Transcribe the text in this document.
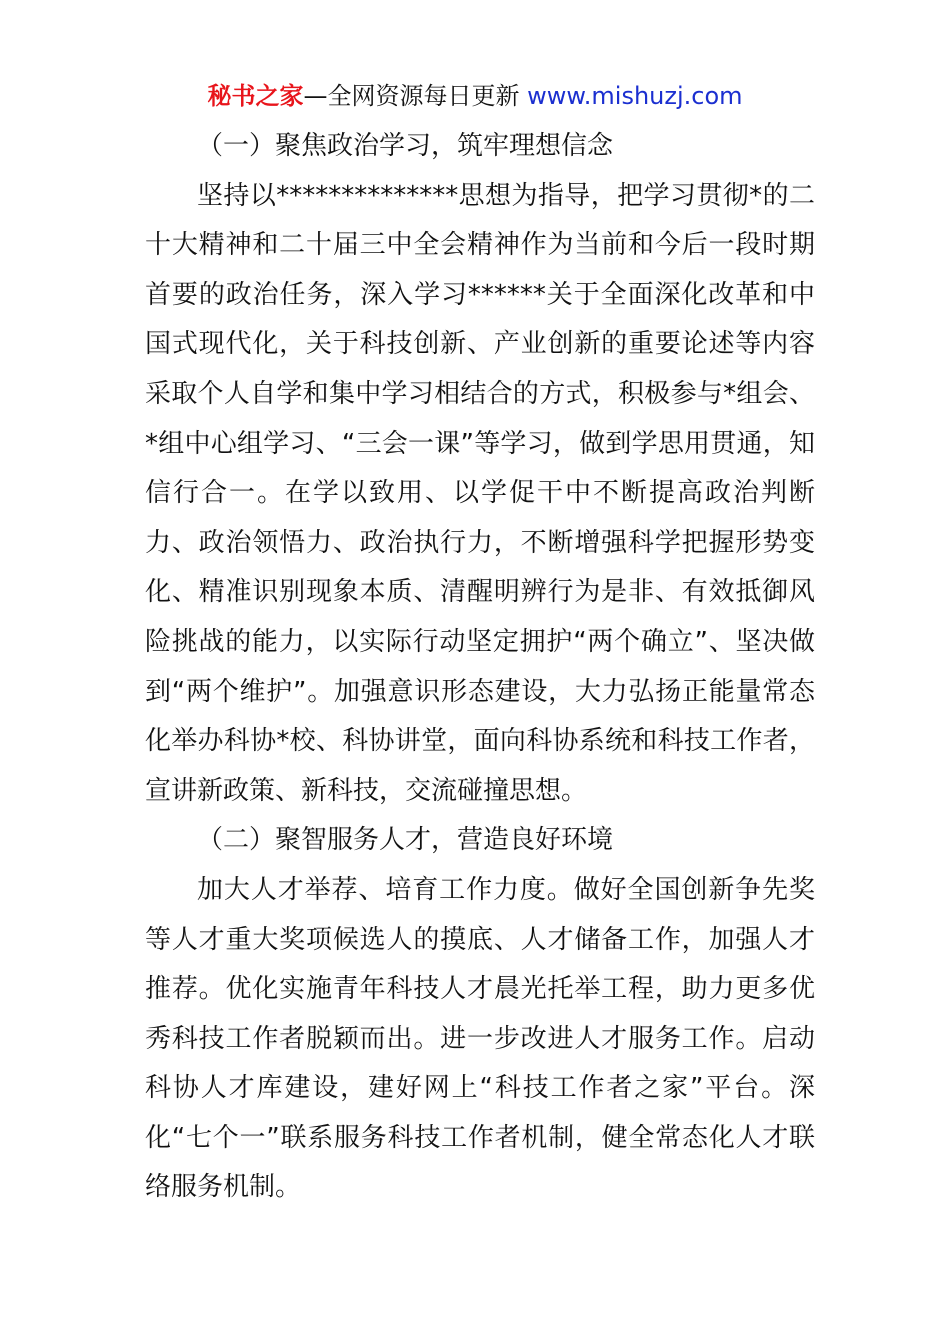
秘书之家—全网资源每日更新 www.mishuzj.com

（一）聚焦政治学习，筑牢理想信念

坚持以**************思想为指导，把学习贯彻*的二十大精神和二十届三中全会精神作为当前和今后一段时期首要的政治任务，深入学习******关于全面深化改革和中国式现代化，关于科技创新、产业创新的重要论述等内容采取个人自学和集中学习相结合的方式，积极参与*组会、*组中心组学习、“三会一课”等学习，做到学思用贯通，知信行合一。在学以致用、以学促干中不断提高政治判断力、政治领悟力、政治执行力，不断增强科学把握形势变化、精准识别现象本质、清醒明辨行为是非、有效抵御风险挑战的能力，以实际行动坚定拥护“两个确立”、坚决做到“两个维护”。加强意识形态建设，大力弘扬正能量常态化举办科协*校、科协讲堂，面向科协系统和科技工作者，宣讲新政策、新科技，交流碰撞思想。

（二）聚智服务人才，营造良好环境

加大人才举荐、培育工作力度。做好全国创新争先奖等人才重大奖项候选人的摸底、人才储备工作，加强人才推荐。优化实施青年科技人才晨光托举工程，助力更多优秀科技工作者脱颖而出。进一步改进人才服务工作。启动科协人才库建设，建好网上“科技工作者之家”平台。深化“七个一”联系服务科技工作者机制，健全常态化人才联络服务机制。
